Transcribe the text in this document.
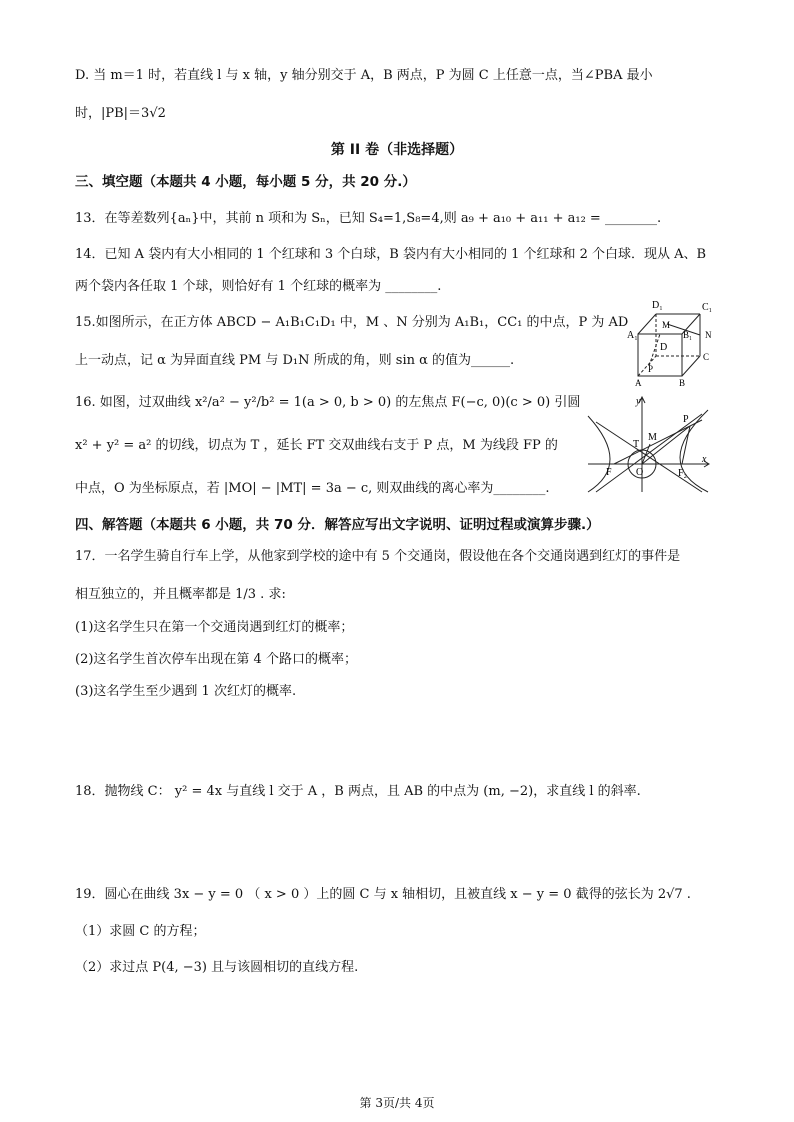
D. 当 m＝1 时，若直线 l 与 x 轴，y 轴分别交于 A，B 两点，P 为圆 C 上任意一点，当∠PBA 最小
时，|PB|＝3√2
第 II 卷（非选择题）
三、填空题（本题共 4 小题，每小题 5 分，共 20 分.）
13．在等差数列{aₙ}中，其前 n 项和为 Sₙ，已知 S₄=1,S₈=4,则 a₉ + a₁₀ + a₁₁ + a₁₂ = ________.
14．已知 A 袋内有大小相同的 1 个红球和 3 个白球，B 袋内有大小相同的 1 个红球和 2 个白球．现从 A、B
两个袋内各任取 1 个球，则恰好有 1 个红球的概率为 ________.
15.如图所示，在正方体 ABCD − A₁B₁C₁D₁ 中，M 、N 分别为 A₁B₁，CC₁ 的中点，P 为 AD
上一动点，记 α 为异面直线 PM 与 D₁N 所成的角，则 sin α 的值为______.
16. 如图，过双曲线 x²/a² − y²/b² = 1(a > 0, b > 0) 的左焦点 F(−c, 0)(c > 0) 引圆
x² + y² = a² 的切线，切点为 T ，延长 FT 交双曲线右支于 P 点，M 为线段 FP 的
中点，O 为坐标原点，若 |MO| − |MT| = 3a − c, 则双曲线的离心率为________.
四、解答题（本题共 6 小题，共 70 分．解答应写出文字说明、证明过程或演算步骤.）
17．一名学生骑自行车上学，从他家到学校的途中有 5 个交通岗，假设他在各个交通岗遇到红灯的事件是
相互独立的，并且概率都是 1/3 . 求:
(1)这名学生只在第一个交通岗遇到红灯的概率；
(2)这名学生首次停车出现在第 4 个路口的概率；
(3)这名学生至少遇到 1 次红灯的概率.
18．抛物线 C： y² = 4x 与直线 l 交于 A ，B 两点，且 AB 的中点为 (m, −2)，求直线 l 的斜率.
19．圆心在曲线 3x − y = 0 （ x > 0 ）上的圆 C 与 x 轴相切，且被直线 x − y = 0 截得的弦长为 2√7 .
（1）求圆 C 的方程；
（2）求过点 P(4, −3) 且与该圆相切的直线方程.
第 3页/共 4页
D₁	C₁
A₁
M
B₁ N
D
C
P
A	B
y
P
M
T
F O	F₂
x
